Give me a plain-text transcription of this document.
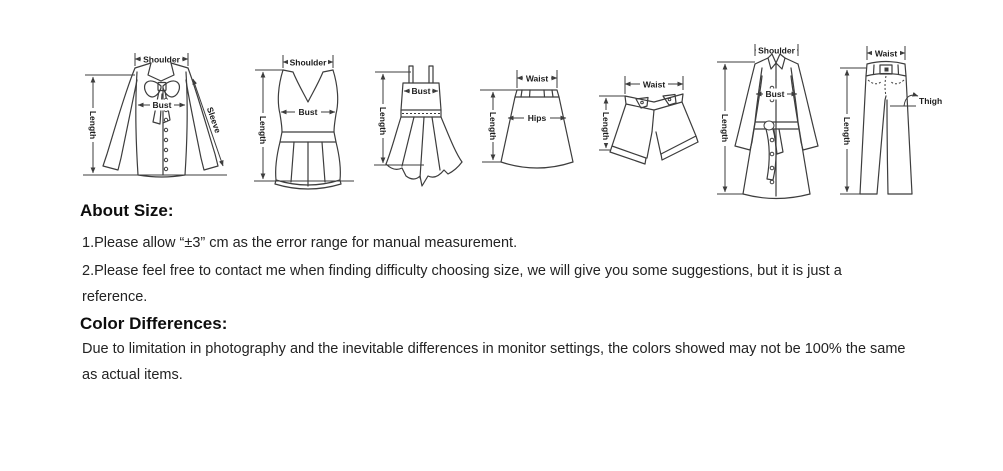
Shoulder
Length
Bust
Sleeve
Shoulder
Bust
Length
Bust
Length
Waist
Hips
Length
Waist
Length
Shoulder
Bust
Length
Waist
Thigh
Length
About Size:

1.Please allow “±3” cm as the error range for manual measurement.

2.Please feel free to contact me when finding difficulty choosing size, we will give you some suggestions, but it is just a reference.

Color Differences:

Due to limitation in photography and the inevitable differences in monitor settings, the colors showed may not be 100% the same as actual items.
